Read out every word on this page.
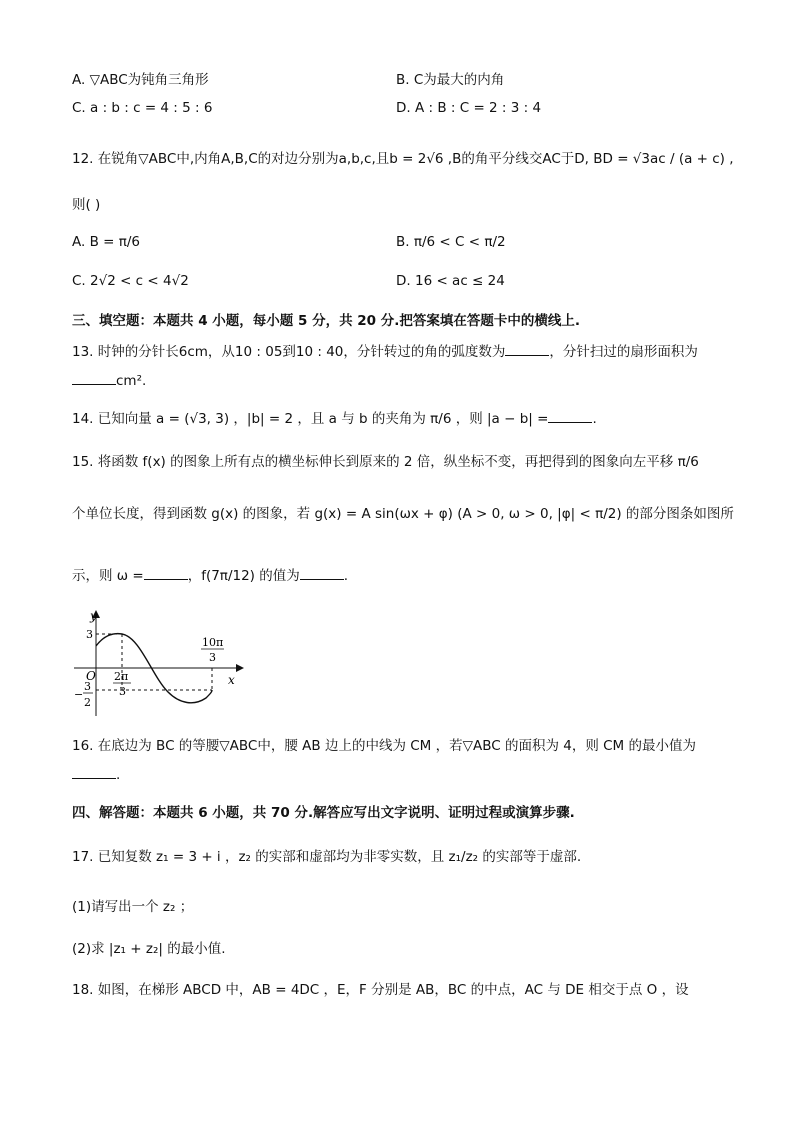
A. ▽ABC为钝角三角形	B. C为最大的内角
C. a : b : c = 4 : 5 : 6	D. A : B : C = 2 : 3 : 4
12. 在锐角▽ABC中,内角A,B,C的对边分别为a,b,c,且b = 2√6 ,B的角平分线交AC于D, BD = √3ac / (a + c) ,
则( )
A. B = π/6	B. π/6 < C < π/2
C. 2√2 < c < 4√2	D. 16 < ac ≤ 24
三、填空题：本题共 4 小题，每小题 5 分，共 20 分.把答案填在答题卡中的横线上.
13. 时钟的分针长6cm，从10 : 05到10 : 40，分针转过的角的弧度数为	，分针扫过的扇形面积为
cm².
14. 已知向量 a = (√3, 3) ，|b| = 2 ，且 a 与 b 的夹角为 π/6 ，则 |a − b| =	.
15. 将函数 f(x) 的图象上所有点的横坐标伸长到原来的 2 倍，纵坐标不变，再把得到的图象向左平移 π/6
个单位长度，得到函数 g(x) 的图象，若 g(x) = A sin(ωx + φ) (A > 0, ω > 0, |φ| < π/2) 的部分图条如图所
示，则 ω =	，f(7π/12) 的值为	.
y
x
O
3
−
3
2
2π
3
10π
3
16. 在底边为 BC 的等腰▽ABC中，腰 AB 边上的中线为 CM ，若▽ABC 的面积为 4，则 CM 的最小值为
.
四、解答题：本题共 6 小题，共 70 分.解答应写出文字说明、证明过程或演算步骤.
17. 已知复数 z₁ = 3 + i ，z₂ 的实部和虚部均为非零实数，且 z₁/z₂ 的实部等于虚部.
(1)请写出一个 z₂ ；
(2)求 |z₁ + z₂| 的最小值.
18. 如图，在梯形 ABCD 中，AB = 4DC ，E，F 分别是 AB，BC 的中点，AC 与 DE 相交于点 O ，设
